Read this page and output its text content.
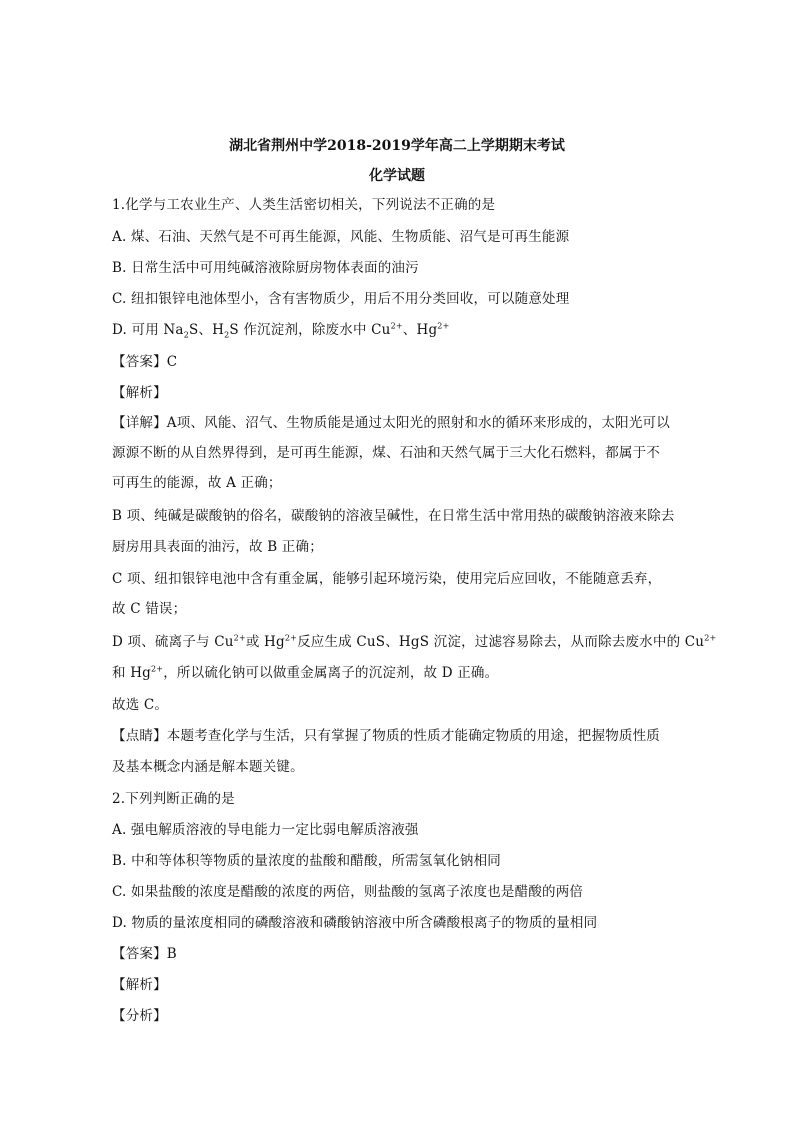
湖北省荆州中学2018-2019学年高二上学期期末考试
化学试题
1.化学与工农业生产、人类生活密切相关，下列说法不正确的是
A. 煤、石油、天然气是不可再生能源，风能、生物质能、沼气是可再生能源
B. 日常生活中可用纯碱溶液除厨房物体表面的油污
C. 纽扣银锌电池体型小，含有害物质少，用后不用分类回收，可以随意处理
D. 可用 $Na_2S$、$H_2S$ 作沉淀剂，除废水中 $Cu^{2+}$、$Hg^{2+}$
【答案】C
【解析】
【详解】A项、风能、沼气、生物质能是通过太阳光的照射和水的循环来形成的，太阳光可以
源源不断的从自然界得到，是可再生能源，煤、石油和天然气属于三大化石燃料，都属于不
可再生的能源，故 A 正确；
B 项、纯碱是碳酸钠的俗名，碳酸钠的溶液呈碱性，在日常生活中常用热的碳酸钠溶液来除去
厨房用具表面的油污，故 B 正确；
C 项、纽扣银锌电池中含有重金属，能够引起环境污染，使用完后应回收，不能随意丢弃，
故 C 错误；
D 项、硫离子与 $Cu^{2+}$或 $Hg^{2+}$反应生成 CuS、HgS 沉淀，过滤容易除去，从而除去废水中的 $Cu^{2+}$
和 $Hg^{2+}$，所以硫化钠可以做重金属离子的沉淀剂，故 D 正确。
故选 C。
【点睛】本题考查化学与生活，只有掌握了物质的性质才能确定物质的用途，把握物质性质
及基本概念内涵是解本题关键。
2.下列判断正确的是
A. 强电解质溶液的导电能力一定比弱电解质溶液强
B. 中和等体积等物质的量浓度的盐酸和醋酸，所需氢氧化钠相同
C. 如果盐酸的浓度是醋酸的浓度的两倍，则盐酸的氢离子浓度也是醋酸的两倍
D. 物质的量浓度相同的磷酸溶液和磷酸钠溶液中所含磷酸根离子的物质的量相同
【答案】B
【解析】
【分析】
